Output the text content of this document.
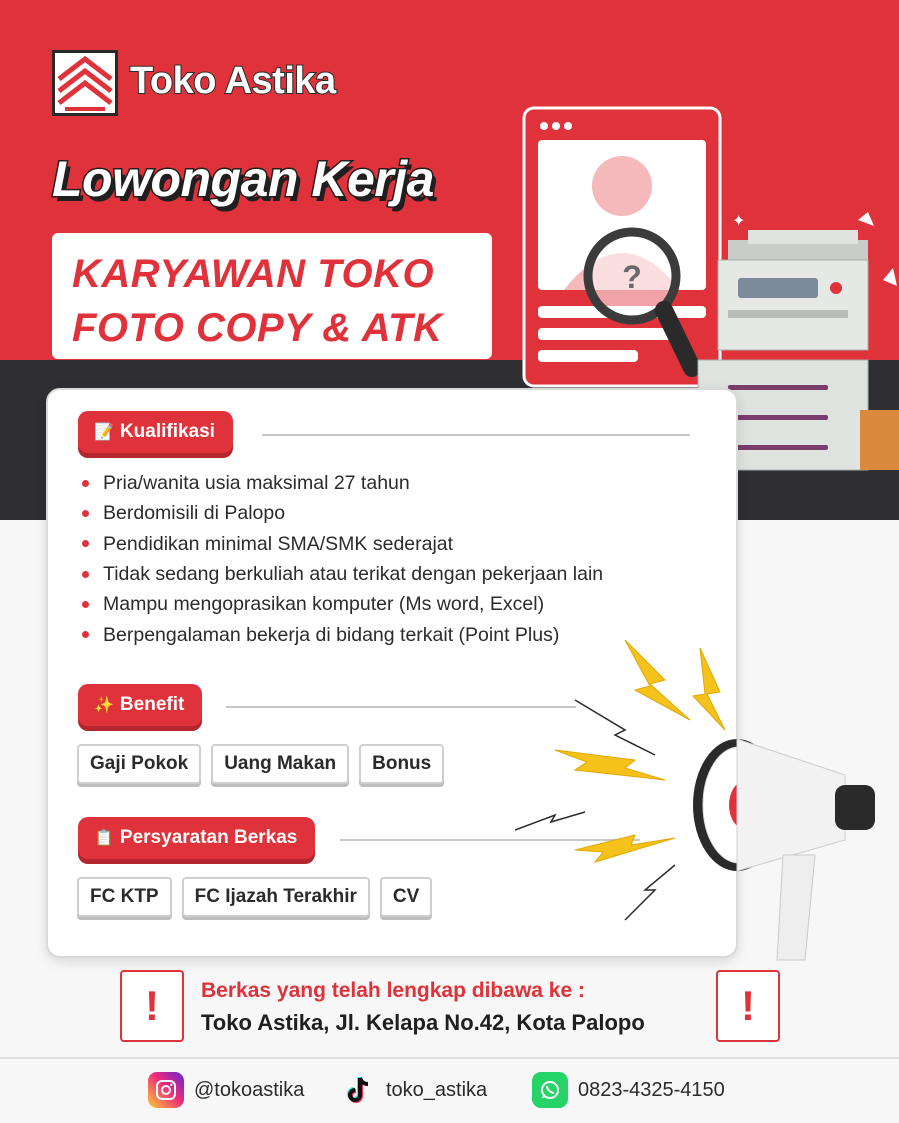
Toko Astika
Lowongan Kerja
KARYAWAN TOKO
FOTO COPY & ATK
?
✦
📝 Kualifikasi
Pria/wanita usia maksimal 27 tahun
Berdomisili di Palopo
Pendidikan minimal SMA/SMK sederajat
Tidak sedang berkuliah atau terikat dengan pekerjaan lain
Mampu mengoprasikan komputer (Ms word, Excel)
Berpengalaman bekerja di bidang terkait (Point Plus)
✨ Benefit
Gaji Pokok	Uang Makan	Bonus
📋 Persyaratan Berkas
FC KTP	FC Ijazah Terakhir	CV
!	Berkas yang telah lengkap dibawa ke :
Toko Astika, Jl. Kelapa No.42, Kota Palopo	!
@tokoastika	toko_astika	0823-4325-4150
